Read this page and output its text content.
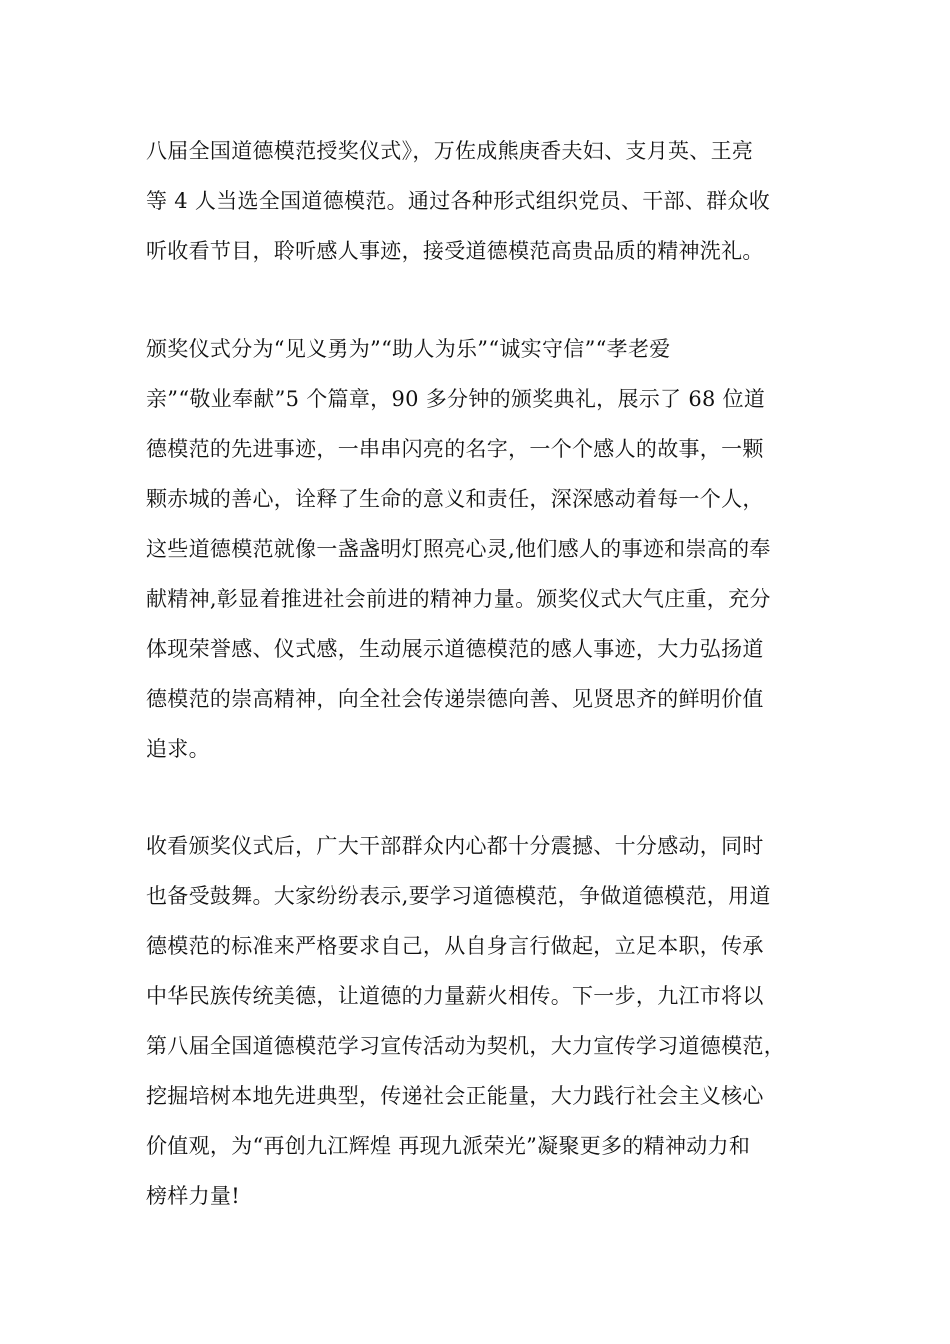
八届全国道德模范授奖仪式》，万佐成熊庚香夫妇、支月英、王亮
等 4 人当选全国道德模范。通过各种形式组织党员、干部、群众收
听收看节目，聆听感人事迹，接受道德模范高贵品质的精神洗礼。
颁奖仪式分为“见义勇为”“助人为乐”“诚实守信”“孝老爱
亲”“敬业奉献”5 个篇章，90 多分钟的颁奖典礼，展示了 68 位道
德模范的先进事迹，一串串闪亮的名字，一个个感人的故事，一颗
颗赤城的善心，诠释了生命的意义和责任，深深感动着每一个人，
这些道德模范就像一盏盏明灯照亮心灵,他们感人的事迹和崇高的奉
献精神,彰显着推进社会前进的精神力量。颁奖仪式大气庄重，充分
体现荣誉感、仪式感，生动展示道德模范的感人事迹，大力弘扬道
德模范的崇高精神，向全社会传递崇德向善、见贤思齐的鲜明价值
追求。
收看颁奖仪式后，广大干部群众内心都十分震撼、十分感动，同时
也备受鼓舞。大家纷纷表示,要学习道德模范，争做道德模范，用道
德模范的标准来严格要求自己，从自身言行做起，立足本职，传承
中华民族传统美德，让道德的力量薪火相传。下一步，九江市将以
第八届全国道德模范学习宣传活动为契机，大力宣传学习道德模范，
挖掘培树本地先进典型，传递社会正能量，大力践行社会主义核心
价值观，为“再创九江辉煌 再现九派荣光”凝聚更多的精神动力和
榜样力量!
